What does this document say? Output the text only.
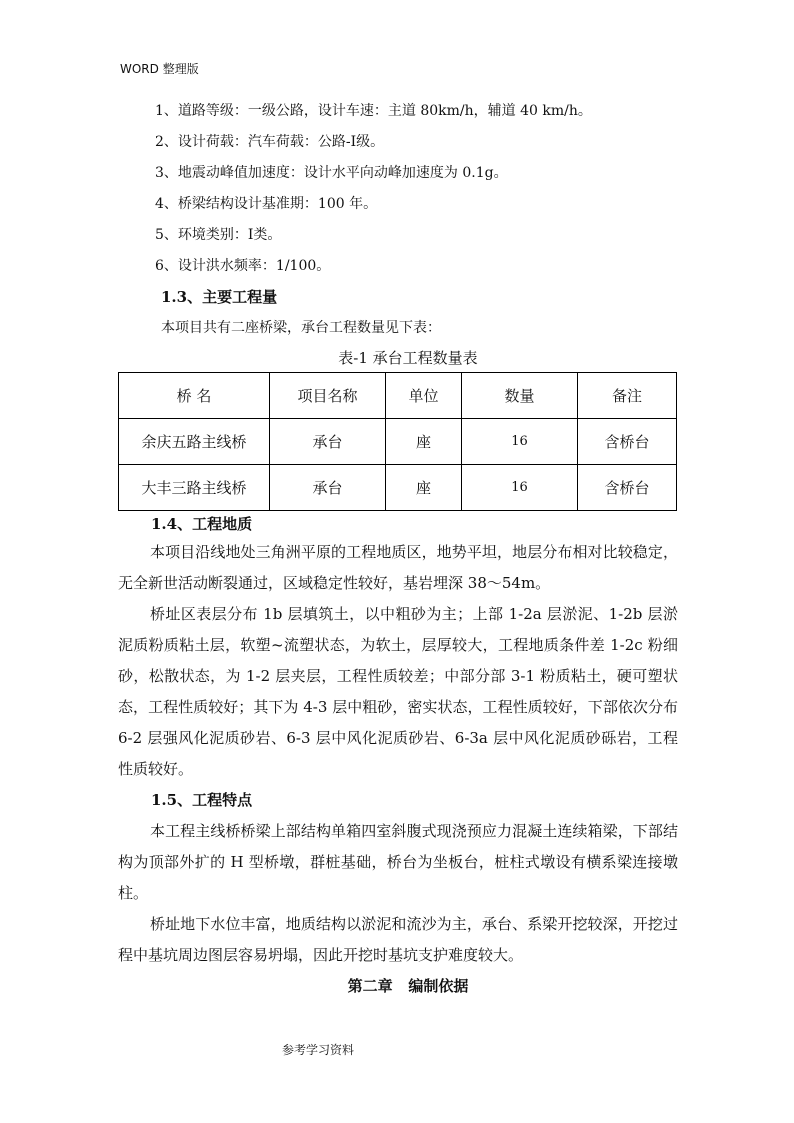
WORD 整理版
1、道路等级：一级公路，设计车速：主道 80km/h，辅道 40 km/h。
2、设计荷载：汽车荷载：公路-Ⅰ级。
3、地震动峰值加速度：设计水平向动峰加速度为 0.1g。
4、桥梁结构设计基准期：100 年。
5、环境类别：Ⅰ类。
6、设计洪水频率：1/100。
1.3、主要工程量
本项目共有二座桥梁，承台工程数量见下表：
表-1 承台工程数量表
桥 名	项目名称	单位	数量	备注
余庆五路主线桥	承台	座	16	含桥台
大丰三路主线桥	承台	座	16	含桥台
1.4、工程地质

本项目沿线地处三角洲平原的工程地质区，地势平坦，地层分布相对比较稳定，无全新世活动断裂通过，区域稳定性较好，基岩埋深 38～54m。

桥址区表层分布 1b 层填筑土，以中粗砂为主；上部 1-2a 层淤泥、1-2b 层淤泥质粉质粘土层，软塑~流塑状态，为软土，层厚较大，工程地质条件差 1-2c 粉细砂，松散状态，为 1-2 层夹层，工程性质较差；中部分部 3-1 粉质粘土，硬可塑状态，工程性质较好；其下为 4-3 层中粗砂，密实状态，工程性质较好，下部依次分布 6-2 层强风化泥质砂岩、6-3 层中风化泥质砂岩、6-3a 层中风化泥质砂砾岩，工程性质较好。

1.5、工程特点

本工程主线桥桥梁上部结构单箱四室斜腹式现浇预应力混凝土连续箱梁，下部结构为顶部外扩的 H 型桥墩，群桩基础，桥台为坐板台，桩柱式墩设有横系梁连接墩柱。

桥址地下水位丰富，地质结构以淤泥和流沙为主，承台、系梁开挖较深，开挖过程中基坑周边图层容易坍塌，因此开挖时基坑支护难度较大。

第二章   编制依据
参考学习资料
